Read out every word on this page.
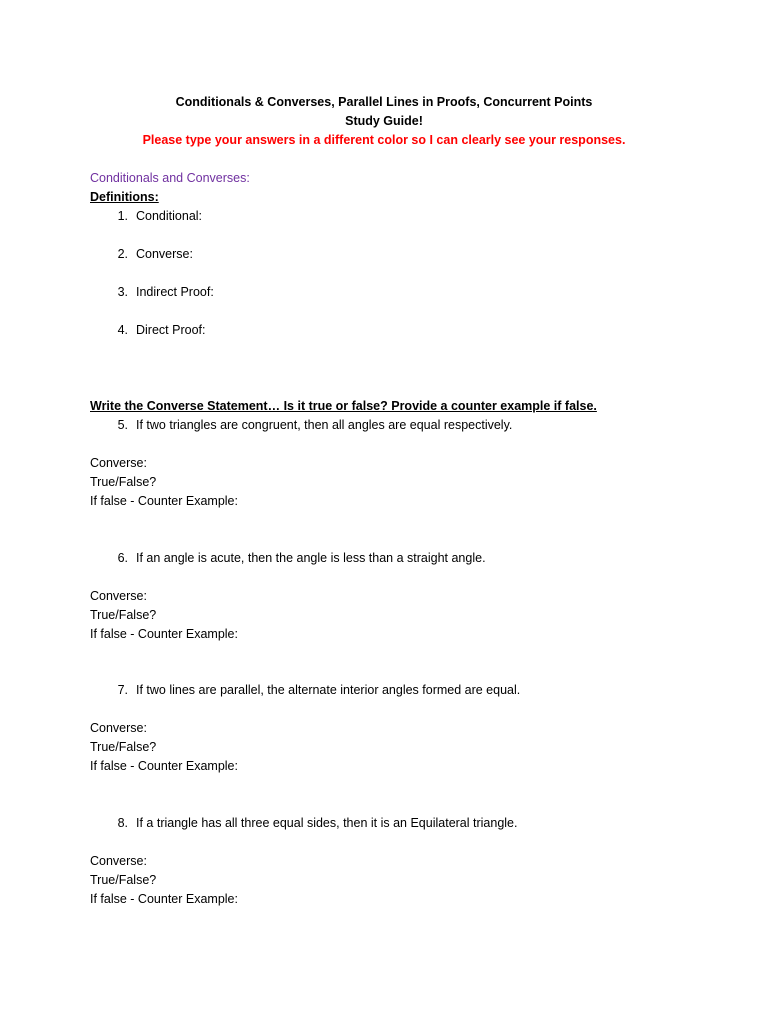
Conditionals & Converses, Parallel Lines in Proofs, Concurrent Points
Study Guide!
Please type your answers in a different color so I can clearly see your responses.
Conditionals and Converses:
Definitions:
1. Conditional:
2. Converse:
3. Indirect Proof:
4. Direct Proof:
Write the Converse Statement… Is it true or false? Provide a counter example if false.
5. If two triangles are congruent, then all angles are equal respectively.
Converse:
True/False?
If false - Counter Example:
6. If an angle is acute, then the angle is less than a straight angle.
Converse:
True/False?
If false - Counter Example:
7. If two lines are parallel, the alternate interior angles formed are equal.
Converse:
True/False?
If false - Counter Example:
8. If a triangle has all three equal sides, then it is an Equilateral triangle.
Converse:
True/False?
If false - Counter Example:
